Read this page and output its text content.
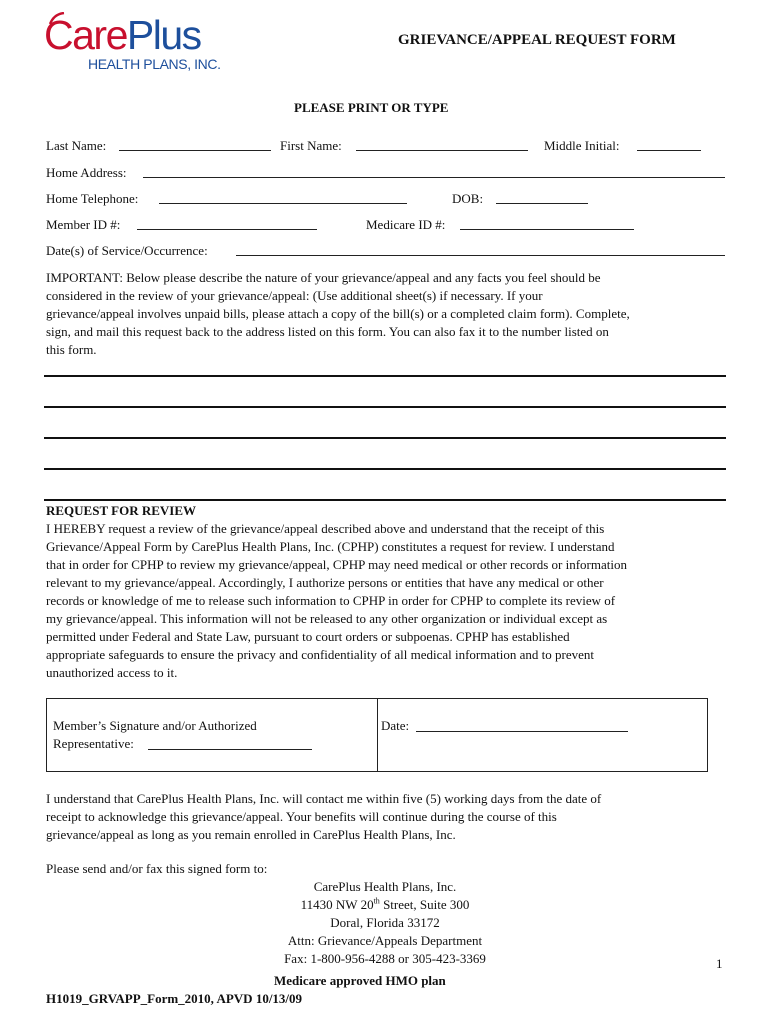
CarePlus
HEALTH PLANS, INC.
GRIEVANCE/APPEAL REQUEST FORM
PLEASE PRINT OR TYPE
Last Name:	First Name:	Middle Initial:
Home Address:
Home Telephone:	DOB:
Member ID #:	Medicare ID #:
Date(s) of Service/Occurrence:
IMPORTANT: Below please describe the nature of your grievance/appeal and any facts you feel should be
considered in the review of your grievance/appeal: (Use additional sheet(s) if necessary. If your
grievance/appeal involves unpaid bills, please attach a copy of the bill(s) or a completed claim form). Complete,
sign, and mail this request back to the address listed on this form. You can also fax it to the number listed on
this form.
REQUEST FOR REVIEW
I HEREBY request a review of the grievance/appeal described above and understand that the receipt of this
Grievance/Appeal Form by CarePlus Health Plans, Inc. (CPHP) constitutes a request for review. I understand
that in order for CPHP to review my grievance/appeal, CPHP may need medical or other records or information
relevant to my grievance/appeal. Accordingly, I authorize persons or entities that have any medical or other
records or knowledge of me to release such information to CPHP in order for CPHP to complete its review of
my grievance/appeal. This information will not be released to any other organization or individual except as
permitted under Federal and State Law, pursuant to court orders or subpoenas. CPHP has established
appropriate safeguards to ensure the privacy and confidentiality of all medical information and to prevent
unauthorized access to it.
Member’s Signature and/or Authorized
Representative:
Date:
I understand that CarePlus Health Plans, Inc. will contact me within five (5) working days from the date of
receipt to acknowledge this grievance/appeal. Your benefits will continue during the course of this
grievance/appeal as long as you remain enrolled in CarePlus Health Plans, Inc.
Please send and/or fax this signed form to:
CarePlus Health Plans, Inc.
11430 NW 20th Street, Suite 300
Doral, Florida 33172
Attn: Grievance/Appeals Department
Fax: 1-800-956-4288 or 305-423-3369	1
Medicare approved HMO plan
H1019_GRVAPP_Form_2010, APVD 10/13/09
